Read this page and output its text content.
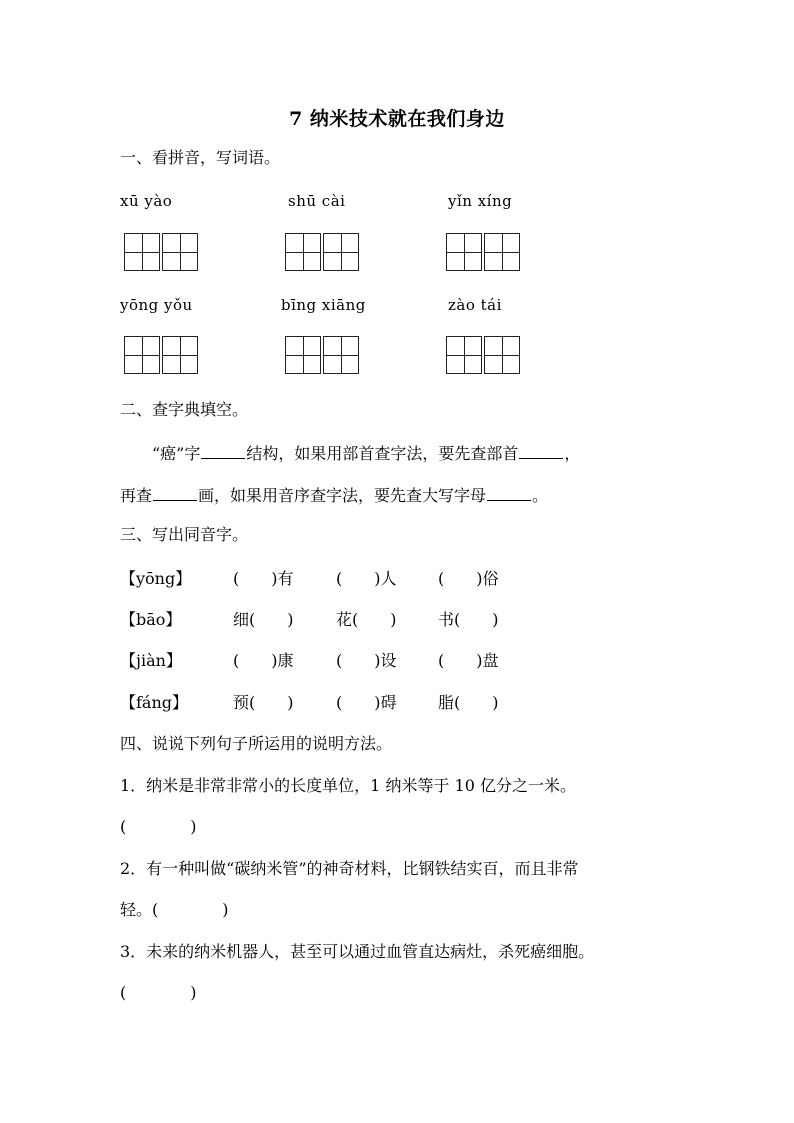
7 纳米技术就在我们身边
一、看拼音，写词语。
xū yào	shū cài	yǐn xíng
yōng yǒu	bīng xiāng	zào tái
二、查字典填空。
“癌”字	结构，如果用部首查字法，要先查部首	，
再查	画，如果用音序查字法，要先查大写字母	。
三、写出同音字。
【yōng】	(　　)有	(　　)人	(　　)俗
【bāo】	细(　　)	花(　　)	书(　　)
【jiàn】	(　　)康	(　　)设	(　　)盘
【fáng】	预(　　)	(　　)碍	脂(　　)
四、说说下列句子所运用的说明方法。
1．纳米是非常非常小的长度单位，1 纳米等于 10 亿分之一米。
(　　　　)
2．有一种叫做“碳纳米管”的神奇材料，比钢铁结实百，而且非常
轻。(　　　　)
3．未来的纳米机器人，甚至可以通过血管直达病灶，杀死癌细胞。
(　　　　)
